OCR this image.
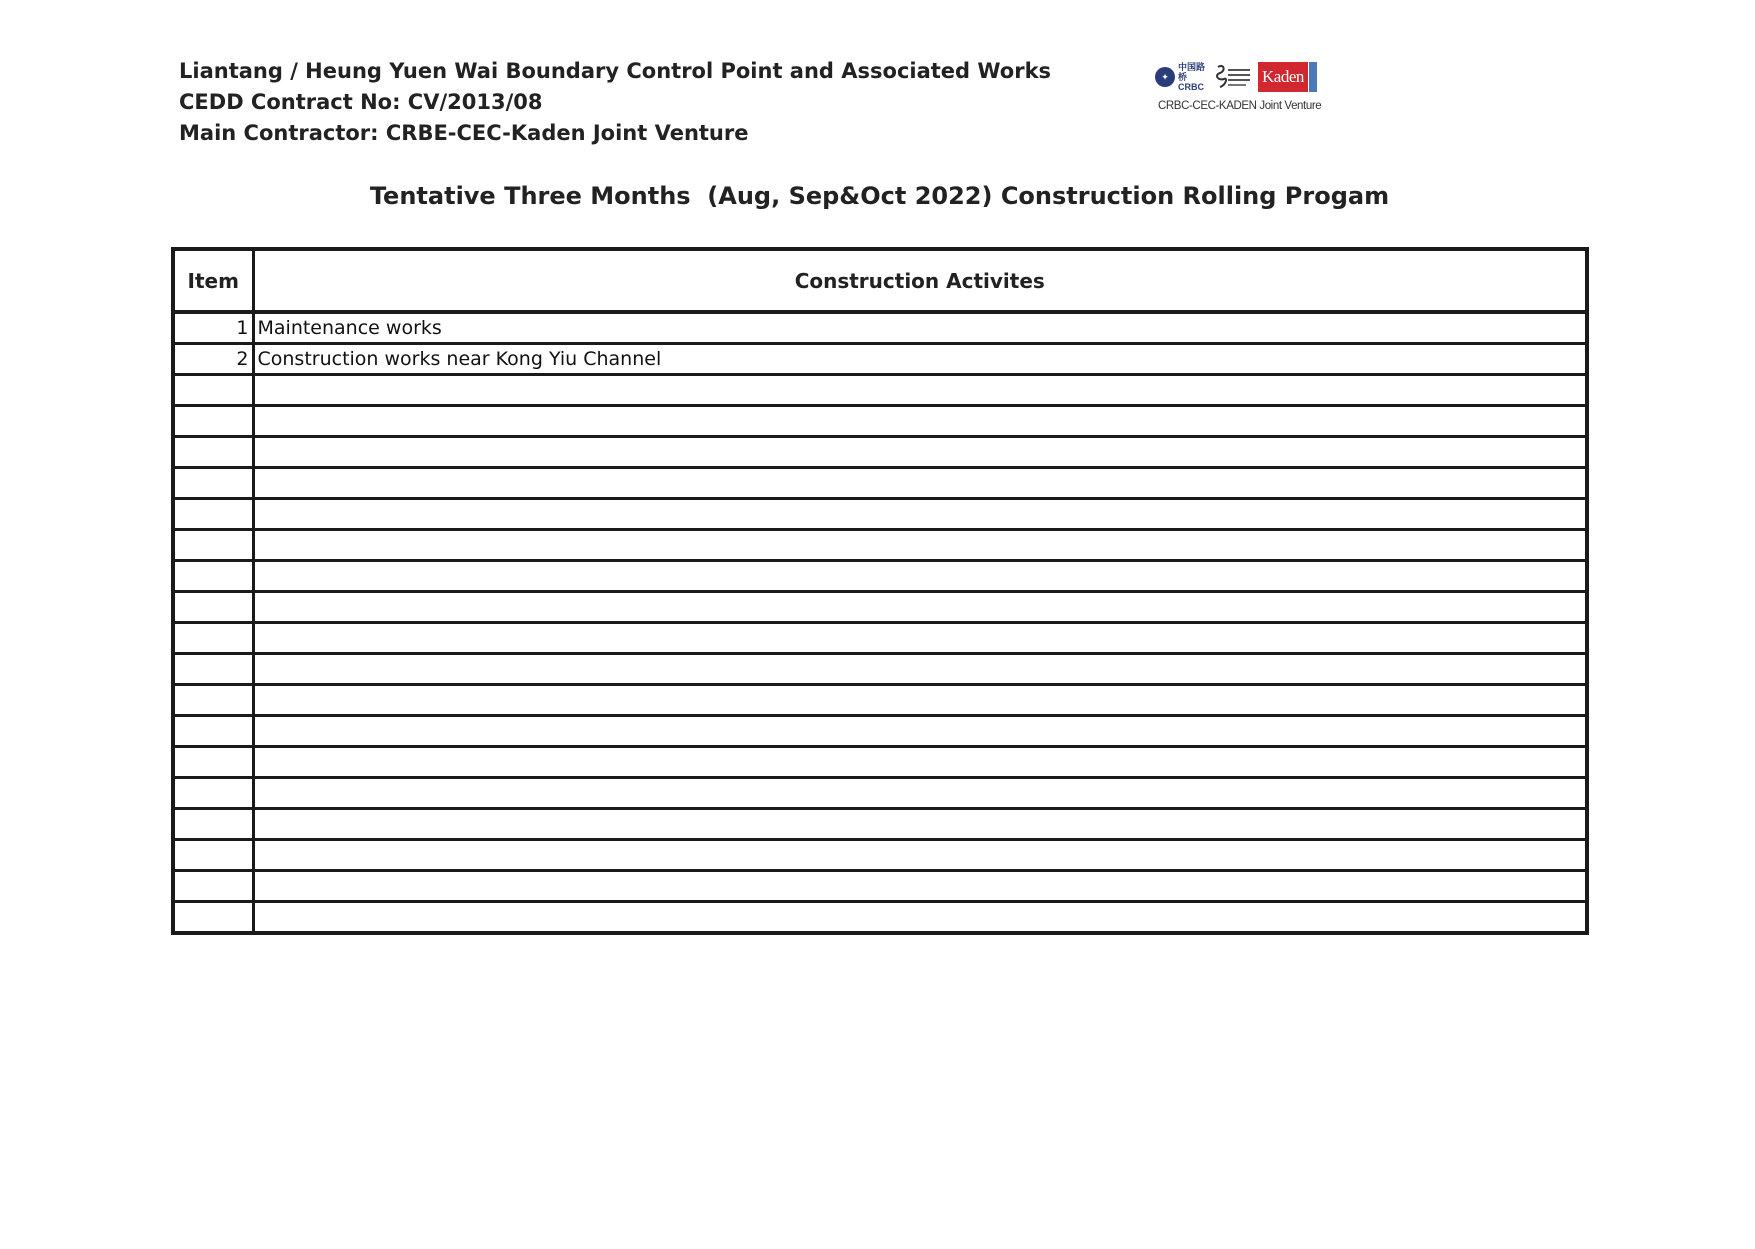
Liantang / Heung Yuen Wai Boundary Control Point and Associated Works
CEDD Contract No: CV/2013/08
Main Contractor: CRBE-CEC-Kaden Joint Venture
✦
中国路桥 CRBC
Kaden
CRBC-CEC-KADEN Joint Venture
Tentative Three Months  (Aug, Sep&Oct 2022) Construction Rolling Progam
Item	Construction Activites
1	Maintenance works
2	Construction works near Kong Yiu Channel
